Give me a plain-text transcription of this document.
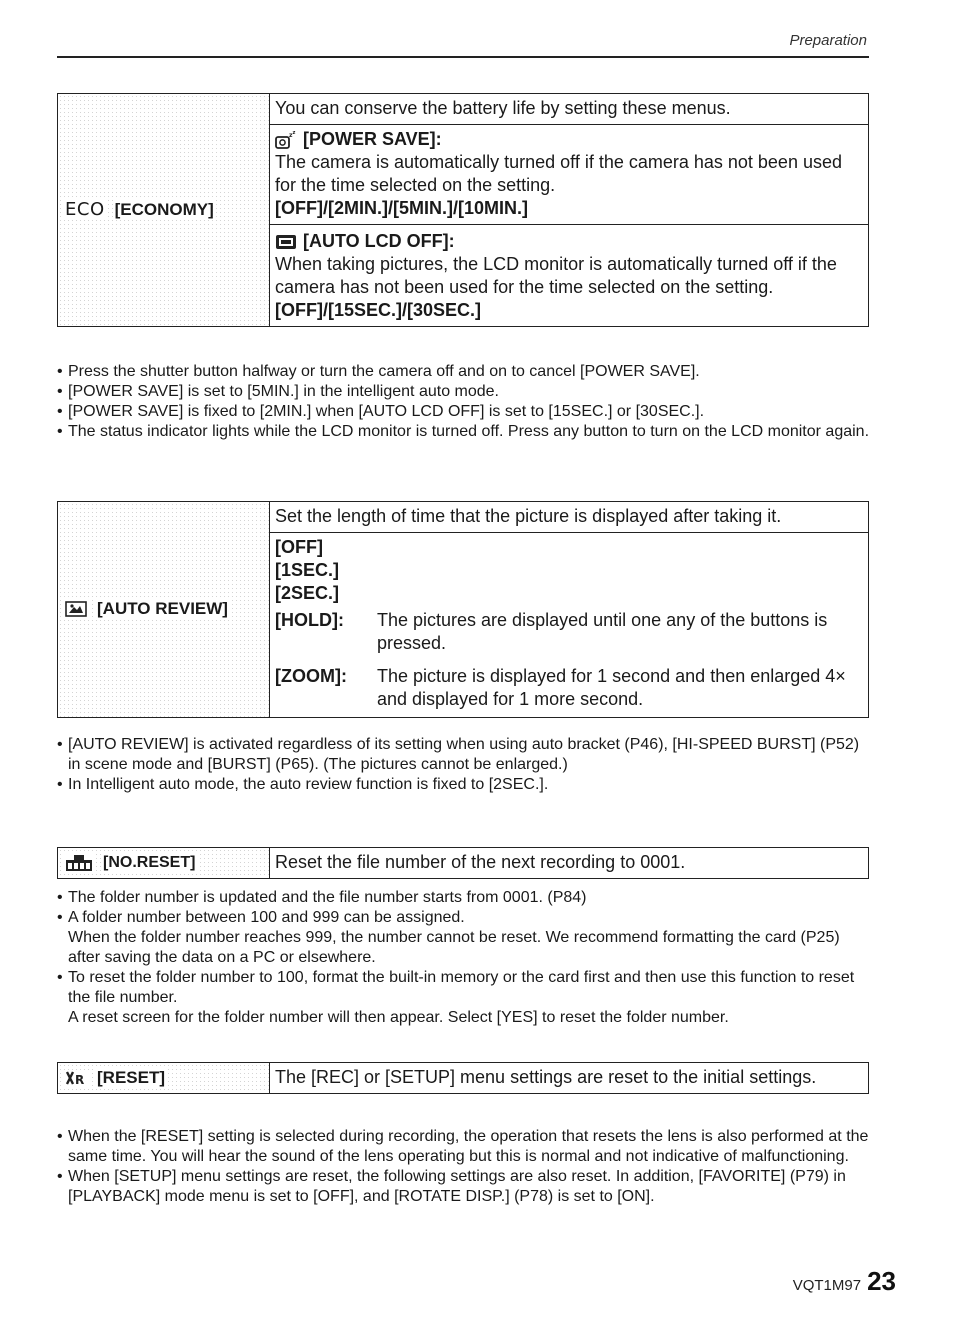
Preparation
ECO [ECONOMY]
	You can conserve the battery life by setting these menus.

z z [POWER SAVE]:
The camera is automatically turned off if the camera has not been used for the time selected on the setting.
[OFF]/[2MIN.]/[5MIN.]/[10MIN.]

[AUTO LCD OFF]:
When taking pictures, the LCD monitor is automatically turned off if the camera has not been used for the time selected on the setting.
[OFF]/[15SEC.]/[30SEC.]
• Press the shutter button halfway or turn the camera off and on to cancel [POWER SAVE].
• [POWER SAVE] is set to [5MIN.] in the intelligent auto mode.
• [POWER SAVE] is fixed to [2MIN.] when [AUTO LCD OFF] is set to [15SEC.] or [30SEC.].
• The status indicator lights while the LCD monitor is turned off. Press any button to turn on the LCD monitor again.
[AUTO REVIEW]
	Set the length of time that the picture is displayed after taking it.

[OFF]
[1SEC.]
[2SEC.]
[HOLD]:	The pictures are displayed until one any of the buttons is pressed.
[ZOOM]:	The picture is displayed for 1 second and then enlarged 4× and displayed for 1 more second.
• [AUTO REVIEW] is activated regardless of its setting when using auto bracket (P46), [HI-SPEED BURST] (P52) in scene mode and [BURST] (P65). (The pictures cannot be enlarged.)
• In Intelligent auto mode, the auto review function is fixed to [2SEC.].
[NO.RESET]	Reset the file number of the next recording to 0001.
• The folder number is updated and the file number starts from 0001. (P84)
• A folder number between 100 and 999 can be assigned.
When the folder number reaches 999, the number cannot be reset. We recommend formatting the card (P25) after saving the data on a PC or elsewhere.
• To reset the folder number to 100, format the built-in memory or the card first and then use this function to reset the file number.
A reset screen for the folder number will then appear. Select [YES] to reset the folder number.
R [RESET]	The [REC] or [SETUP] menu settings are reset to the initial settings.
• When the [RESET] setting is selected during recording, the operation that resets the lens is also performed at the same time. You will hear the sound of the lens operating but this is normal and not indicative of malfunctioning.
• When [SETUP] menu settings are reset, the following settings are also reset. In addition, [FAVORITE] (P79) in [PLAYBACK] mode menu is set to [OFF], and [ROTATE DISP.] (P78) is set to [ON].
VQT1M97 23
